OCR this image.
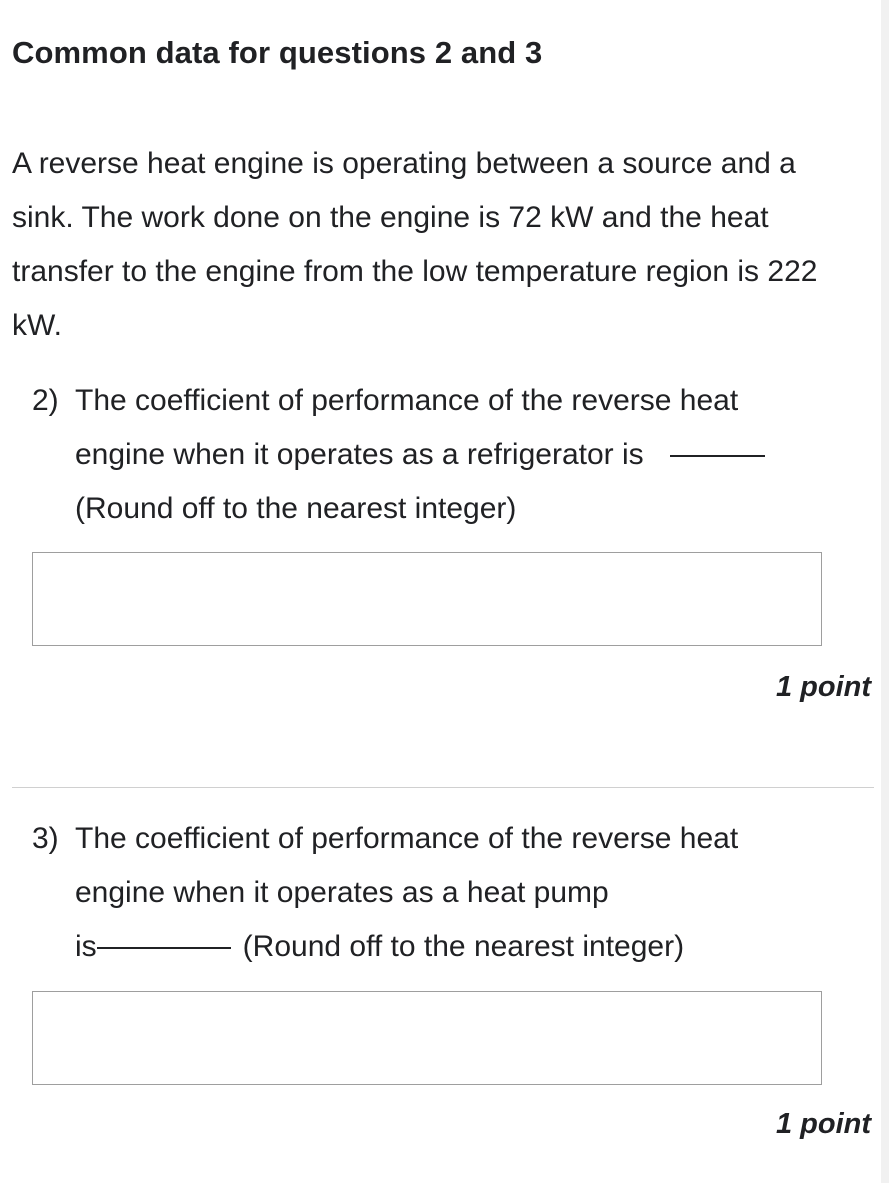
Common data for questions 2 and 3

A reverse heat engine is operating between a source and a sink. The work done on the engine is 72 kW and the heat transfer to the engine from the low temperature region is 222 kW.

2) The coefficient of performance of the reverse heat
engine when it operates as a refrigerator is
(Round off to the nearest integer)
1 point
3) The coefficient of performance of the reverse heat
engine when it operates as a heat pump
is	(Round off to the nearest integer)
1 point
